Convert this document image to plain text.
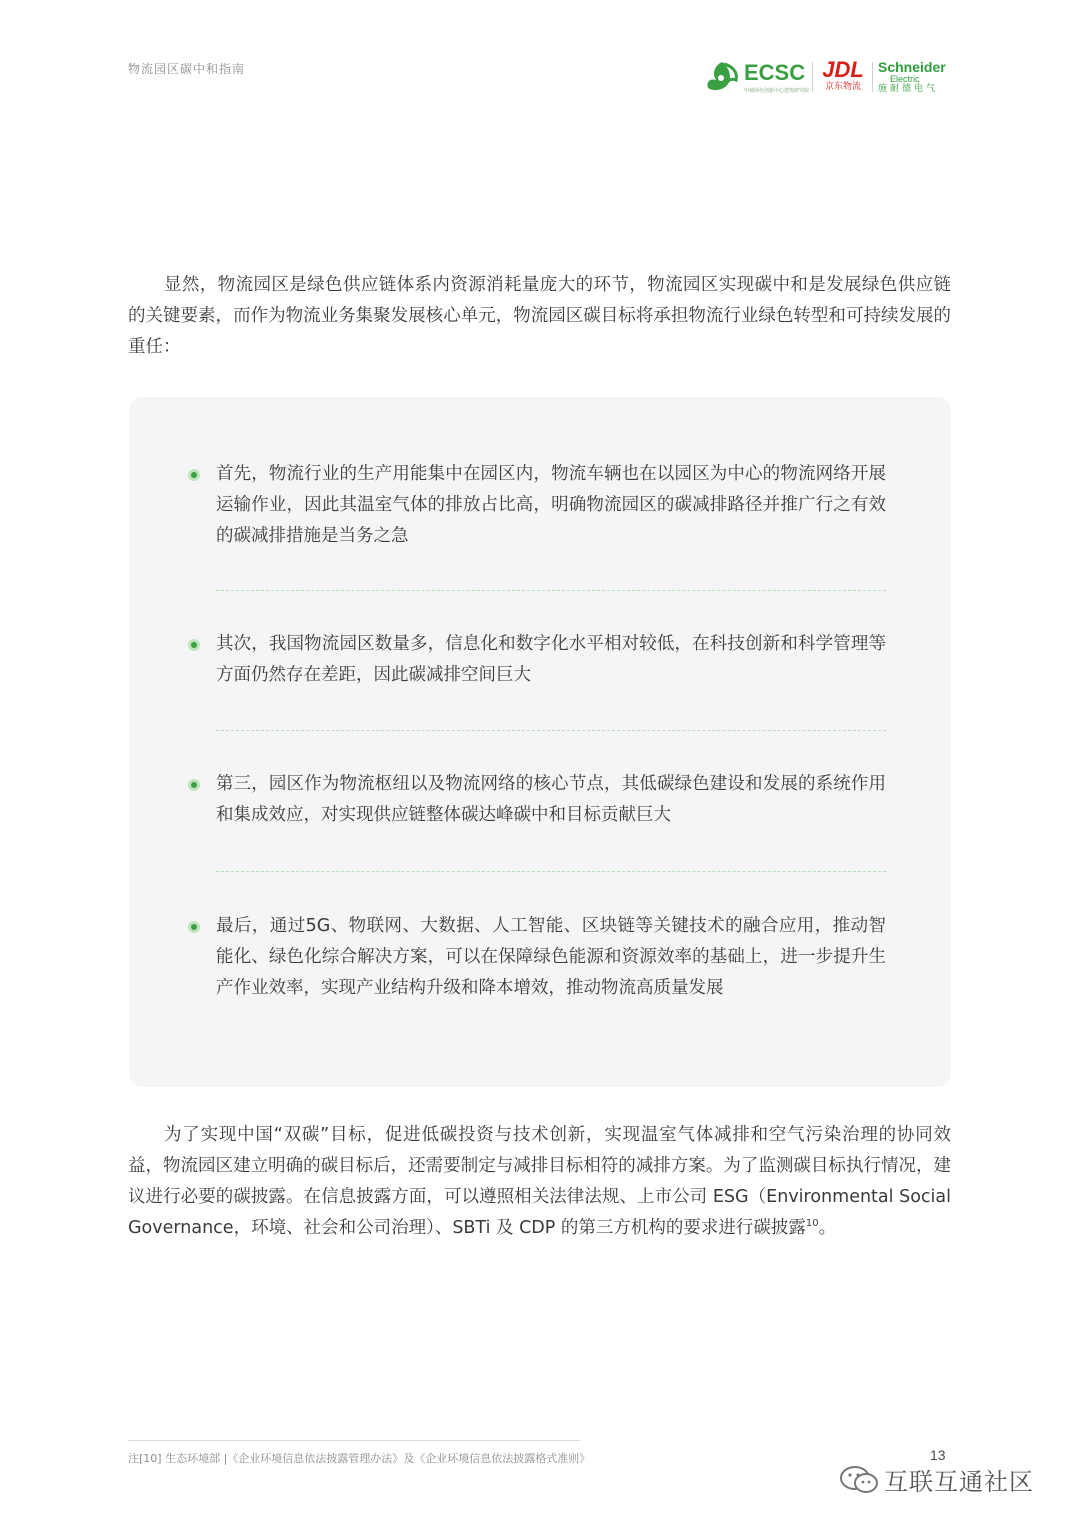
物流园区碳中和指南	ECSC
中城绿色创新中心建筑研究院
JDL
京东物流
Schneider
Electric
施耐德电气

显然，物流园区是绿色供应链体系内资源消耗量庞大的环节，物流园区实现碳中和是发展绿色供应链的关键要素，而作为物流业务集聚发展核心单元，物流园区碳目标将承担物流行业绿色转型和可持续发展的重任：

首先，物流行业的生产用能集中在园区内，物流车辆也在以园区为中心的物流网络开展运输作业，因此其温室气体的排放占比高，明确物流园区的碳减排路径并推广行之有效的碳减排措施是当务之急

其次，我国物流园区数量多，信息化和数字化水平相对较低，在科技创新和科学管理等方面仍然存在差距，因此碳减排空间巨大

第三，园区作为物流枢纽以及物流网络的核心节点，其低碳绿色建设和发展的系统作用和集成效应，对实现供应链整体碳达峰碳中和目标贡献巨大

最后，通过5G、物联网、大数据、人工智能、区块链等关键技术的融合应用，推动智能化、绿色化综合解决方案，可以在保障绿色能源和资源效率的基础上，进一步提升生产作业效率，实现产业结构升级和降本增效，推动物流高质量发展

为了实现中国“双碳”目标，促进低碳投资与技术创新，实现温室气体减排和空气污染治理的协同效益，物流园区建立明确的碳目标后，还需要制定与减排目标相符的减排方案。为了监测碳目标执行情况，建议进行必要的碳披露。在信息披露方面，可以遵照相关法律法规、上市公司 ESG（Environmental Social Governance，环境、社会和公司治理）、SBTi 及 CDP 的第三方机构的要求进行碳披露$^{10}$。

注[10] 生态环境部 |《企业环境信息依法披露管理办法》及《企业环境信息依法披露格式准则》	13
互联互通社区
